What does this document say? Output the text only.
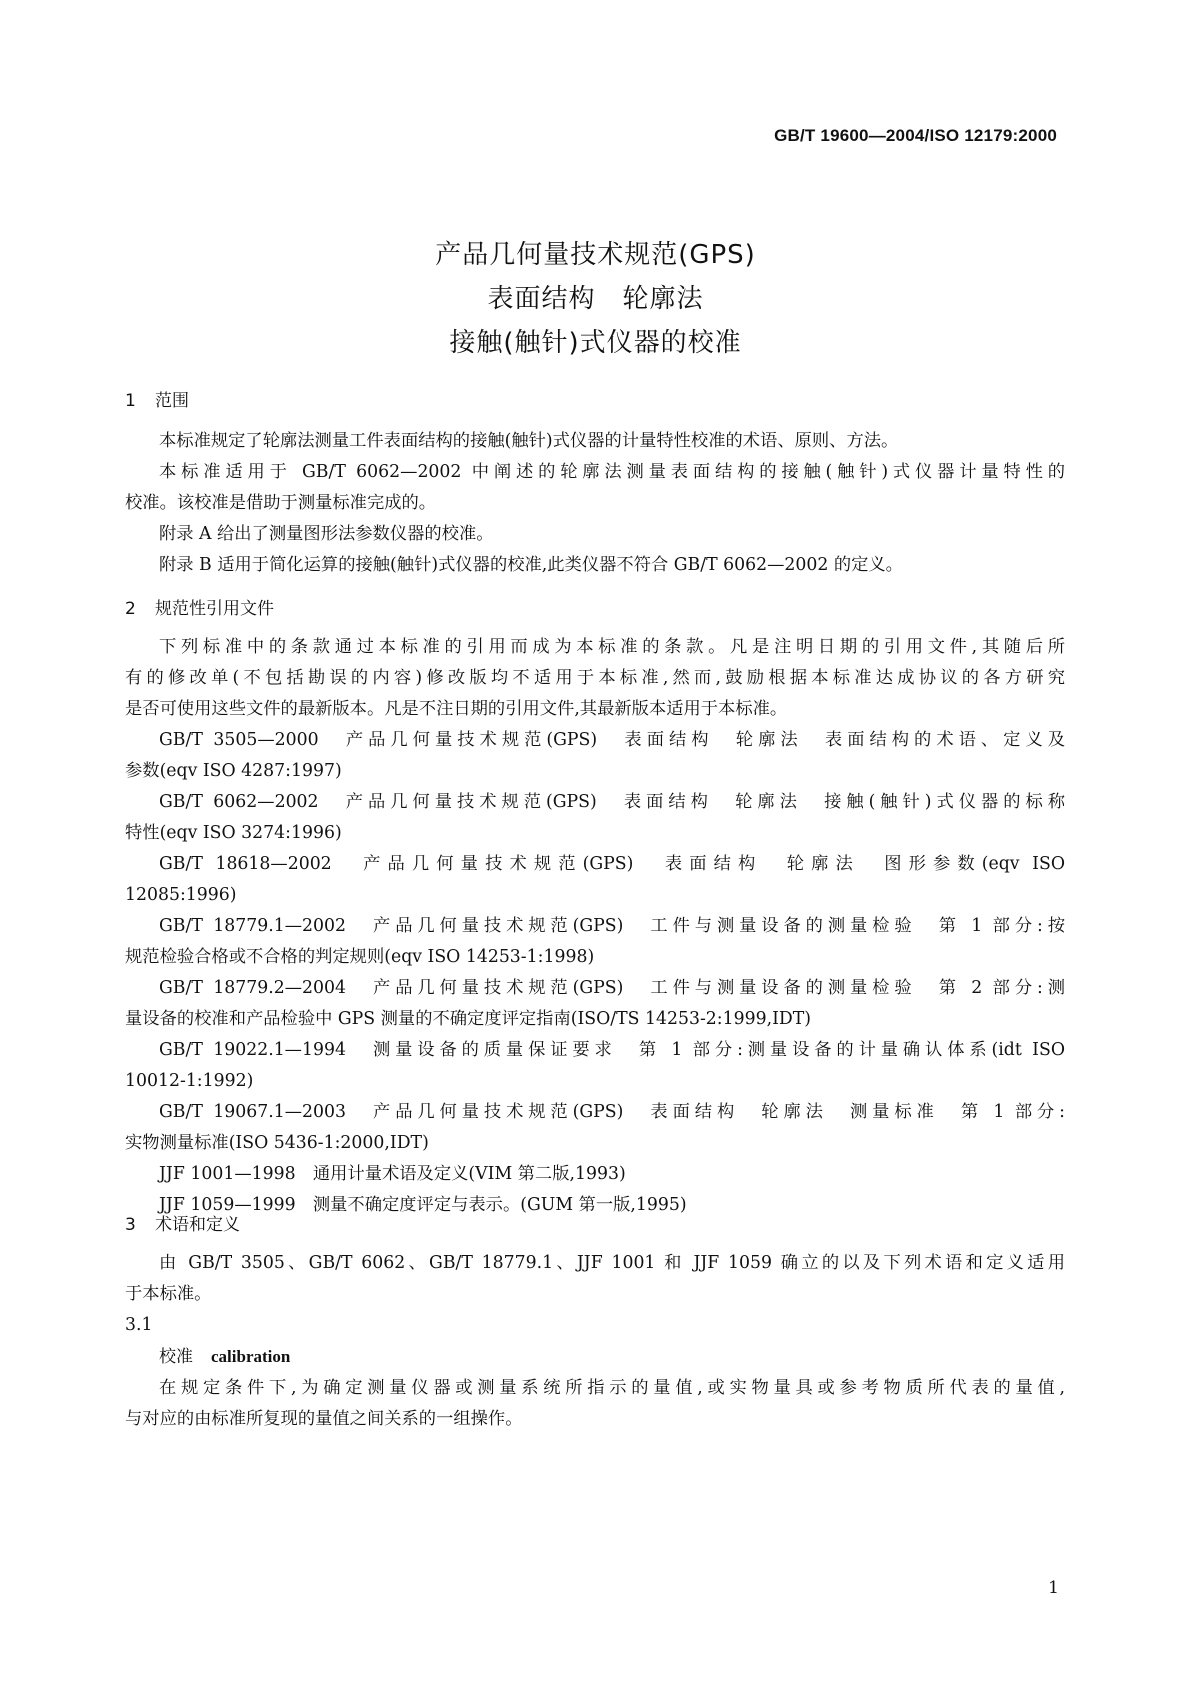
GB/T 19600—2004/ISO 12179:2000
产品几何量技术规范(GPS)
表面结构　轮廓法
接触(触针)式仪器的校准
1 范围

本标准规定了轮廓法测量工件表面结构的接触(触针)式仪器的计量特性校准的术语、原则、方法。

本标准适用于 GB/T 6062—2002 中阐述的轮廓法测量表面结构的接触(触针)式仪器计量特性的

校准。该校准是借助于测量标准完成的。

附录 A 给出了测量图形法参数仪器的校准。

附录 B 适用于简化运算的接触(触针)式仪器的校准,此类仪器不符合 GB/T 6062—2002 的定义。

2 规范性引用文件

下列标准中的条款通过本标准的引用而成为本标准的条款。凡是注明日期的引用文件,其随后所

有的修改单(不包括勘误的内容)修改版均不适用于本标准,然而,鼓励根据本标准达成协议的各方研究

是否可使用这些文件的最新版本。凡是不注日期的引用文件,其最新版本适用于本标准。

GB/T 3505—2000　产品几何量技术规范(GPS)　表面结构　轮廓法　表面结构的术语、定义及

参数(eqv ISO 4287:1997)

GB/T 6062—2002　产品几何量技术规范(GPS)　表面结构　轮廓法　接触(触针)式仪器的标称

特性(eqv ISO 3274:1996)

GB/T 18618—2002　产品几何量技术规范(GPS)　表面结构　轮廓法　图形参数(eqv ISO

12085:1996)

GB/T 18779.1—2002　产品几何量技术规范(GPS)　工件与测量设备的测量检验　第 1 部分:按

规范检验合格或不合格的判定规则(eqv ISO 14253-1:1998)

GB/T 18779.2—2004　产品几何量技术规范(GPS)　工件与测量设备的测量检验　第 2 部分:测

量设备的校准和产品检验中 GPS 测量的不确定度评定指南(ISO/TS 14253-2:1999,IDT)

GB/T 19022.1—1994　测量设备的质量保证要求　第 1 部分:测量设备的计量确认体系(idt ISO

10012-1:1992)

GB/T 19067.1—2003　产品几何量技术规范(GPS)　表面结构　轮廓法　测量标准　第 1 部分:

实物测量标准(ISO 5436-1:2000,IDT)

JJF 1001—1998　通用计量术语及定义(VIM 第二版,1993)

JJF 1059—1999　测量不确定度评定与表示。(GUM 第一版,1995)

3 术语和定义

由 GB/T 3505、GB/T 6062、GB/T 18779.1、JJF 1001 和 JJF 1059 确立的以及下列术语和定义适用

于本标准。

3.1

校准 calibration

在规定条件下,为确定测量仪器或测量系统所指示的量值,或实物量具或参考物质所代表的量值,

与对应的由标准所复现的量值之间关系的一组操作。

1
